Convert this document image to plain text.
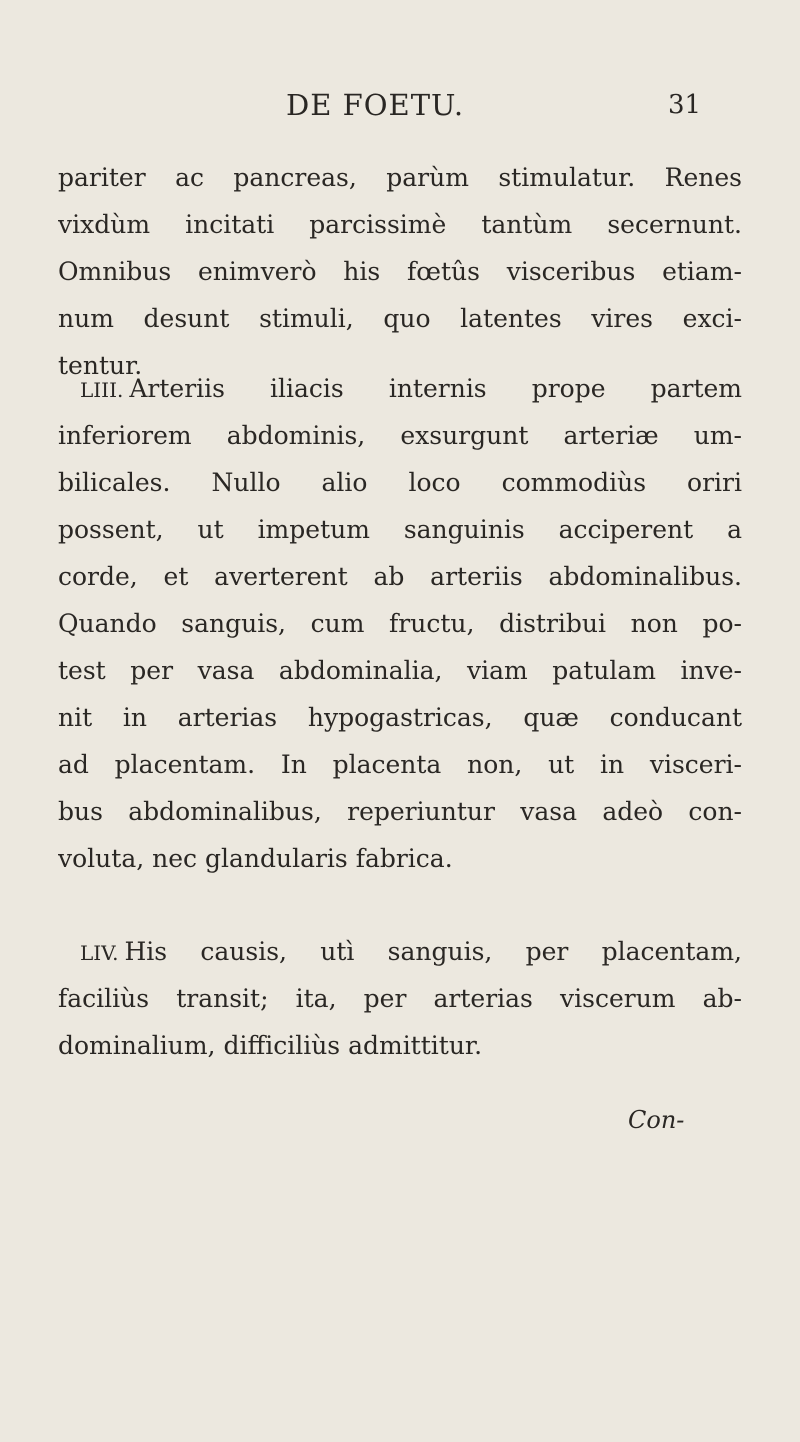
DE FOETU.	31
pariter ac pancreas, parùm stimulatur. Renes
vixdùm incitati parcissimè tantùm secernunt.
Omnibus enimverò his fœtûs visceribus etiam-
num desunt stimuli, quo latentes vires exci-
tentur.
LIII. Arteriis iliacis internis prope partem
inferiorem abdominis, exsurgunt arteriæ um-
bilicales. Nullo alio loco commodiùs oriri
possent, ut impetum sanguinis acciperent a
corde, et averterent ab arteriis abdominalibus.
Quando sanguis, cum fructu, distribui non po-
test per vasa abdominalia, viam patulam inve-
nit in arterias hypogastricas, quæ conducant
ad placentam. In placenta non, ut in visceri-
bus abdominalibus, reperiuntur vasa adeò con-
voluta, nec glandularis fabrica.
LIV. His causis, utì sanguis, per placentam,
faciliùs transit; ita, per arterias viscerum ab-
dominalium, difficiliùs admittitur.
Con-
